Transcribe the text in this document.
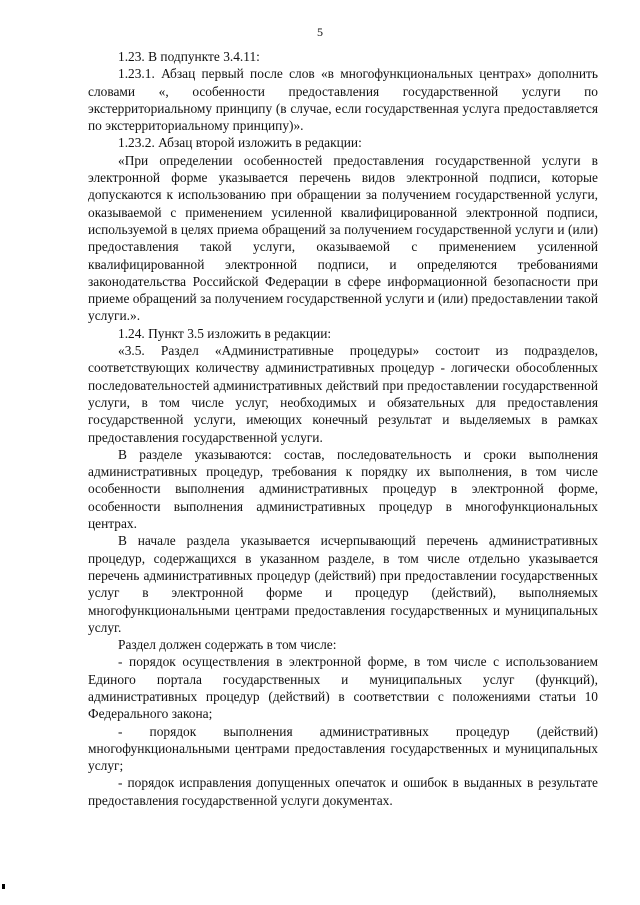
5

1.23. В подпункте 3.4.11:

1.23.1. Абзац первый после слов «в многофункциональных центрах» дополнить словами «, особенности предоставления государственной услуги по экстерриториальному принципу (в случае, если государственная услуга предоставляется по экстерриториальному принципу)».

1.23.2. Абзац второй изложить в редакции:

«При определении особенностей предоставления государственной услуги в электронной форме указывается перечень видов электронной подписи, которые допускаются к использованию при обращении за получением государственной услуги, оказываемой с применением усиленной квалифицированной электронной подписи, используемой в целях приема обращений за получением государственной услуги и (или) предоставления такой услуги, оказываемой с применением усиленной квалифицированной электронной подписи, и определяются требованиями законодательства Российской Федерации в сфере информационной безопасности при приеме обращений за получением государственной услуги и (или) предоставлении такой услуги.».

1.24. Пункт 3.5 изложить в редакции:

«3.5. Раздел «Административные процедуры» состоит из подразделов, соответствующих количеству административных процедур - логически обособленных последовательностей административных действий при предоставлении государственной услуги, в том числе услуг, необходимых и обязательных для предоставления государственной услуги, имеющих конечный результат и выделяемых в рамках предоставления государственной услуги.

В разделе указываются: состав, последовательность и сроки выполнения административных процедур, требования к порядку их выполнения, в том числе особенности выполнения административных процедур в электронной форме, особенности выполнения административных процедур в многофункциональных центрах.

В начале раздела указывается исчерпывающий перечень административных процедур, содержащихся в указанном разделе, в том числе отдельно указывается перечень административных процедур (действий) при предоставлении государственных услуг в электронной форме и процедур (действий), выполняемых многофункциональными центрами предоставления государственных и муниципальных услуг.

Раздел должен содержать в том числе:

- порядок осуществления в электронной форме, в том числе с использованием Единого портала государственных и муниципальных услуг (функций), административных процедур (действий) в соответствии с положениями статьи 10 Федерального закона;

- порядок выполнения административных процедур (действий) многофункциональными центрами предоставления государственных и муниципальных услуг;

- порядок исправления допущенных опечаток и ошибок в выданных в результате предоставления государственной услуги документах.
